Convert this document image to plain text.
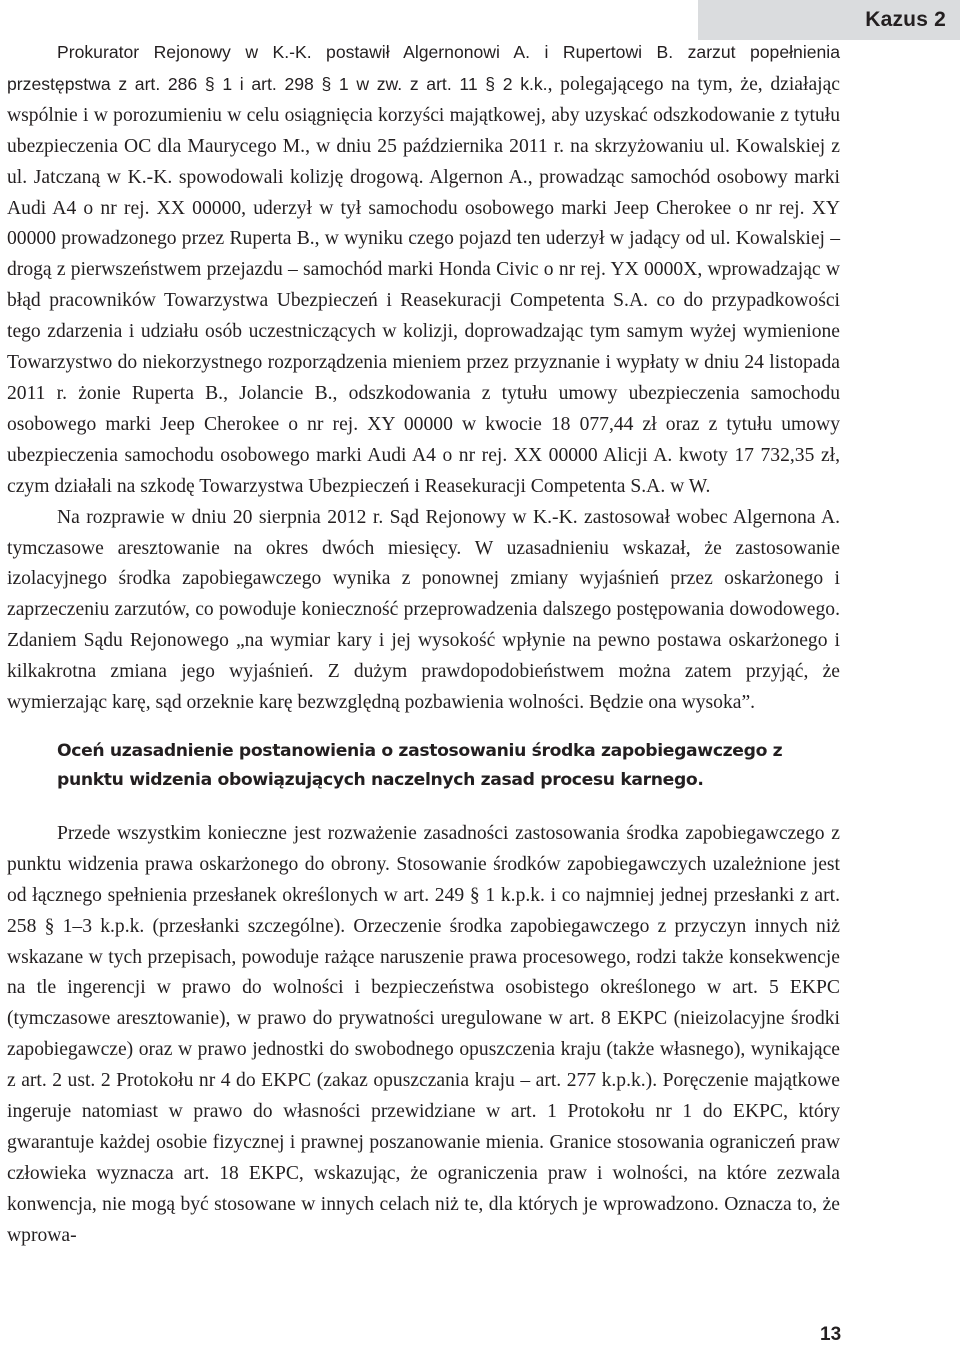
Kazus 2

Prokurator Rejonowy w K.-K. postawił Algernonowi A. i Rupertowi B. zarzut popełnienia przestępstwa z art. 286 § 1 i art. 298 § 1 w zw. z art. 11 § 2 k.k., polegającego na tym, że, działając wspólnie i w porozumieniu w celu osiągnięcia korzyści majątkowej, aby uzyskać odszkodowanie z tytułu ubezpieczenia OC dla Maurycego M., w dniu 25 października 2011 r. na skrzyżowaniu ul. Kowalskiej z ul. Jatczaną w K.-K. spowodowali kolizję drogową. Algernon A., prowadząc samochód osobowy marki Audi A4 o nr rej. XX 00000, uderzył w tył samochodu osobowego marki Jeep Cherokee o nr rej. XY 00000 prowadzonego przez Ruperta B., w wyniku czego pojazd ten uderzył w jadący od ul. Kowalskiej – drogą z pierwszeństwem przejazdu – samochód marki Honda Civic o nr rej. YX 0000X, wprowadzając w błąd pracowników Towarzystwa Ubezpieczeń i Reasekuracji Competenta S.A. co do przypadkowości tego zdarzenia i udziału osób uczestniczących w kolizji, doprowadzając tym samym wyżej wymienione Towarzystwo do niekorzystnego rozporządzenia mieniem przez przyznanie i wypłaty w dniu 24 listopada 2011 r. żonie Ruperta B., Jolancie B., odszkodowania z tytułu umowy ubezpieczenia samochodu osobowego marki Jeep Cherokee o nr rej. XY 00000 w kwocie 18 077,44 zł oraz z tytułu umowy ubezpieczenia samochodu osobowego marki Audi A4 o nr rej. XX 00000 Alicji A. kwoty 17 732,35 zł, czym działali na szkodę Towarzystwa Ubezpieczeń i Reasekuracji Competenta S.A. w W.

Na rozprawie w dniu 20 sierpnia 2012 r. Sąd Rejonowy w K.-K. zastosował wobec Algernona A. tymczasowe aresztowanie na okres dwóch miesięcy. W uzasadnieniu wskazał, że zastosowanie izolacyjnego środka zapobiegawczego wynika z ponownej zmiany wyjaśnień przez oskarżonego i zaprzeczeniu zarzutów, co powoduje konieczność przeprowadzenia dalszego postępowania dowodowego. Zdaniem Sądu Rejonowego „na wymiar kary i jej wysokość wpłynie na pewno postawa oskarżonego i kilkakrotna zmiana jego wyjaśnień. Z dużym prawdopodobieństwem można zatem przyjąć, że wymierzając karę, sąd orzeknie karę bezwzględną pozbawienia wolności. Będzie ona wysoka”.

Oceń uzasadnienie postanowienia o zastosowaniu środka zapobiegawczego z punktu widzenia obowiązujących naczelnych zasad procesu karnego.

Przede wszystkim konieczne jest rozważenie zasadności zastosowania środka zapobiegawczego z punktu widzenia prawa oskarżonego do obrony. Stosowanie środków zapobiegawczych uzależnione jest od łącznego spełnienia przesłanek określonych w art. 249 § 1 k.p.k. i co najmniej jednej przesłanki z art. 258 § 1–3 k.p.k. (przesłanki szczególne). Orzeczenie środka zapobiegawczego z przyczyn innych niż wskazane w tych przepisach, powoduje rażące naruszenie prawa procesowego, rodzi także konsekwencje na tle ingerencji w prawo do wolności i bezpieczeństwa osobistego określonego w art. 5 EKPC (tymczasowe aresztowanie), w prawo do prywatności uregulowane w art. 8 EKPC (nieizolacyjne środki zapobiegawcze) oraz w prawo jednostki do swobodnego opuszczenia kraju (także własnego), wynikające z art. 2 ust. 2 Protokołu nr 4 do EKPC (zakaz opuszczania kraju – art. 277 k.p.k.). Poręczenie majątkowe ingeruje natomiast w prawo do własności przewidziane w art. 1 Protokołu nr 1 do EKPC, który gwarantuje każdej osobie fizycznej i prawnej poszanowanie mienia. Granice stosowania ograniczeń praw człowieka wyznacza art. 18 EKPC, wskazując, że ograniczenia praw i wolności, na które zezwala konwencja, nie mogą być stosowane w innych celach niż te, dla których je wprowadzono. Oznacza to, że wprowa-

13
